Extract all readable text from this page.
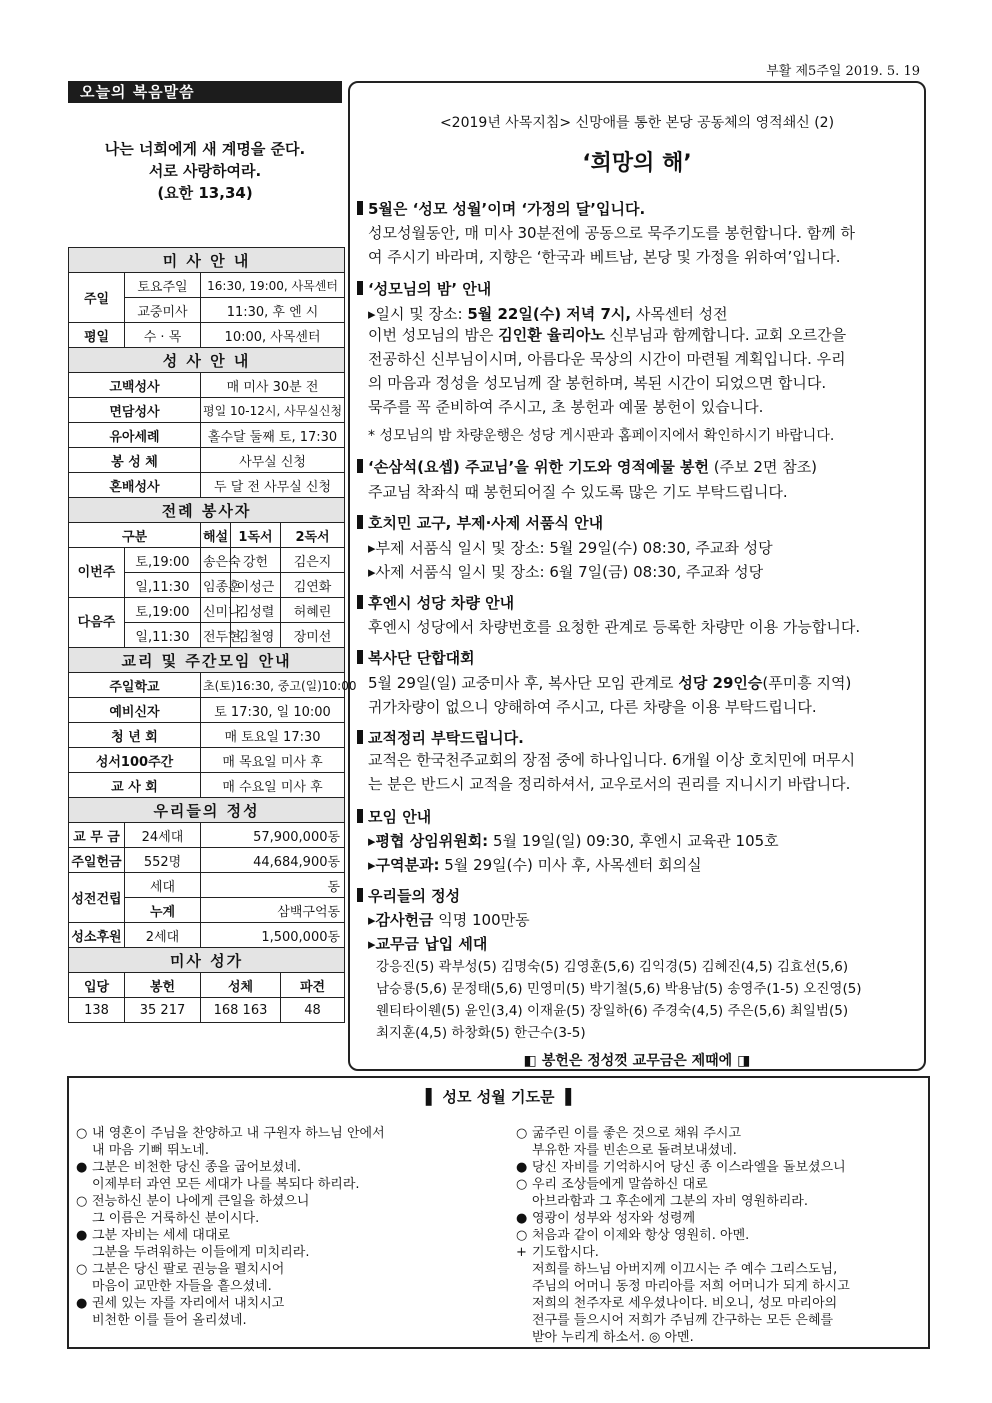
부활 제5주일 2019. 5. 19
오늘의 복음말씀
나는 너희에게 새 계명을 준다.
서로 사랑하여라.
(요한 13,34)
미 사 안 내				
주일	토요주일	16:30, 19:00, 사목센터		
	교중미사	11:30, 후 엔 시		
평일	수 · 목	10:00, 사목센터		
성 사 안 내				
고백성사		매 미사 30분 전		
면담성사		평일 10-12시, 사무실신청		
유아세례		홀수달 둘째 토, 17:30		
봉 성 체		사무실 신청		
혼배성사		두 달 전 사무실 신청		
전례 봉사자				
구분		해설	1독서	2독서
이번주	토,19:00	송은숙	강헌	김은지
	일,11:30	임종훈	이성근	김연화
다음주	토,19:00	신미나	김성렬	허혜린
	일,11:30	전두현	김철영	장미선
교리 및 주간모임 안내				
주일학교		초(토)16:30, 중고(일)10:00		
예비신자		토 17:30, 일 10:00		
청 년 회		매 토요일 17:30		
성서100주간		매 목요일 미사 후		
교 사 회		매 수요일 미사 후		
우리들의 정성				
교 무 금	24세대	57,900,000동		
주일헌금	552명	44,684,900동		
성전건립	세대	동		
	누계	삼백구억동		
성소후원	2세대	1,500,000동		
미사 성가				
입당	봉헌	성체		파견
138	35 217	168 163		48
<2019년 사목지침> 신망애를 통한 본당 공동체의 영적쇄신 (2)
‘희망의 해’
5월은 ‘성모 성월’이며 ‘가정의 달’입니다.
성모성월동안, 매 미사 30분전에 공동으로 묵주기도를 봉헌합니다. 함께 하
여 주시기 바라며, 지향은 ‘한국과 베트남, 본당 및 가정을 위하여’입니다.
‘성모님의 밤’ 안내
▸일시 및 장소: 5월 22일(수) 저녁 7시, 사목센터 성전
이번 성모님의 밤은 김인환 율리아노 신부님과 함께합니다. 교회 오르간을
전공하신 신부님이시며, 아름다운 묵상의 시간이 마련될 계획입니다. 우리
의 마음과 정성을 성모님께 잘 봉헌하며, 복된 시간이 되었으면 합니다.
묵주를 꼭 준비하여 주시고, 초 봉헌과 예물 봉헌이 있습니다.
* 성모님의 밤 차량운행은 성당 게시판과 홈페이지에서 확인하시기 바랍니다.
‘손삼석(요셉) 주교님’을 위한 기도와 영적예물 봉헌 (주보 2면 참조)
주교님 착좌식 때 봉헌되어질 수 있도록 많은 기도 부탁드립니다.
호치민 교구, 부제·사제 서품식 안내
▸부제 서품식 일시 및 장소: 5월 29일(수) 08:30, 주교좌 성당
▸사제 서품식 일시 및 장소: 6월 7일(금) 08:30, 주교좌 성당
후엔시 성당 차량 안내
후엔시 성당에서 차량번호를 요청한 관계로 등록한 차량만 이용 가능합니다.
복사단 단합대회
5월 29일(일) 교중미사 후, 복사단 모임 관계로 성당 29인승(푸미흥 지역)
귀가차량이 없으니 양해하여 주시고, 다른 차량을 이용 부탁드립니다.
교적정리 부탁드립니다.
교적은 한국천주교회의 장점 중에 하나입니다. 6개월 이상 호치민에 머무시
는 분은 반드시 교적을 정리하셔서, 교우로서의 권리를 지니시기 바랍니다.
모임 안내
▸평협 상임위원회: 5월 19일(일) 09:30, 후엔시 교육관 105호
▸구역분과: 5월 29일(수) 미사 후, 사목센터 회의실
우리들의 정성
▸감사헌금 익명 100만동
▸교무금 납입 세대
강응진(5) 곽부성(5) 김명숙(5) 김영훈(5,6) 김익경(5) 김혜진(4,5) 김효선(5,6)
남승룡(5,6) 문정태(5,6) 민영미(5) 박기철(5,6) 박용남(5) 송영주(1-5) 오진영(5)
웬티타이웬(5) 윤인(3,4) 이재윤(5) 장일하(6) 주경숙(4,5) 주은(5,6) 최일범(5)
최지훈(4,5) 하창화(5) 한근수(3-5)
◧ 봉헌은 정성껏 교무금은 제때에 ◨
▌ 성모 성월 기도문 ▐
○ 내 영혼이 주님을 찬양하고 내 구원자 하느님 안에서
내 마음 기뻐 뛰노네.
● 그분은 비천한 당신 종을 굽어보셨네.
이제부터 과연 모든 세대가 나를 복되다 하리라.
○ 전능하신 분이 나에게 큰일을 하셨으니
그 이름은 거룩하신 분이시다.
● 그분 자비는 세세 대대로
그분을 두려워하는 이들에게 미치리라.
○ 그분은 당신 팔로 권능을 펼치시어
마음이 교만한 자들을 흩으셨네.
● 권세 있는 자를 자리에서 내치시고
비천한 이를 들어 올리셨네.
○ 굶주린 이를 좋은 것으로 채워 주시고
부유한 자를 빈손으로 돌려보내셨네.
● 당신 자비를 기억하시어 당신 종 이스라엘을 돌보셨으니
○ 우리 조상들에게 말씀하신 대로
아브라함과 그 후손에게 그분의 자비 영원하리라.
● 영광이 성부와 성자와 성령께
○ 처음과 같이 이제와 항상 영원히. 아멘.
+ 기도합시다.
저희를 하느님 아버지께 이끄시는 주 예수 그리스도님,
주님의 어머니 동정 마리아를 저희 어머니가 되게 하시고
저희의 천주자로 세우셨나이다. 비오니, 성모 마리아의
전구를 들으시어 저희가 주님께 간구하는 모든 은혜를
받아 누리게 하소서. ◎ 아멘.
